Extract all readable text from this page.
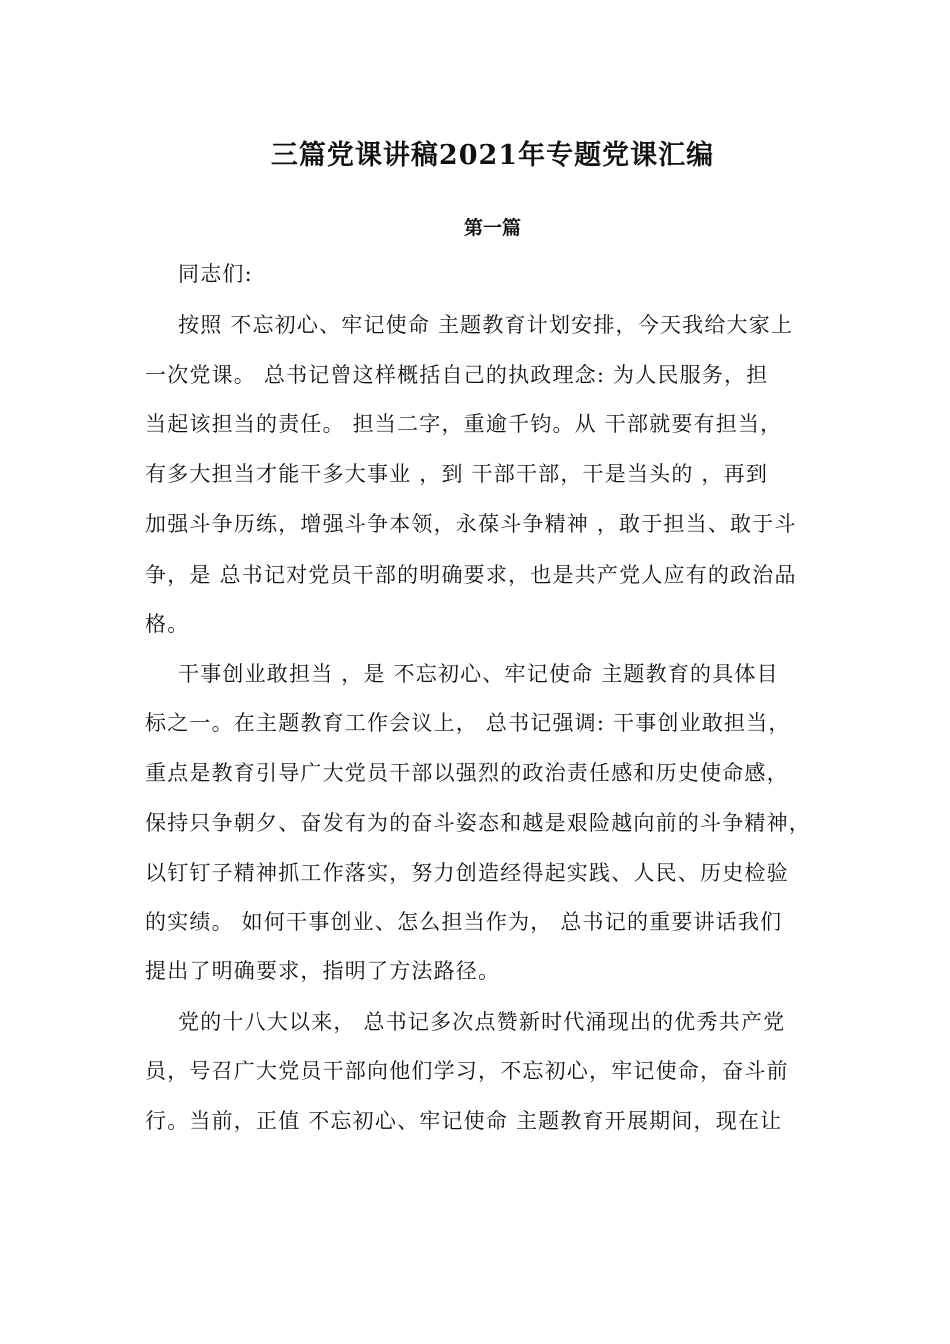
三篇党课讲稿2021年专题党课汇编
第一篇
同志们:
按照 不忘初心、牢记使命 主题教育计划安排，今天我给大家上
一次党课。 总书记曾这样概括自己的执政理念: 为人民服务，担
当起该担当的责任。 担当二字，重逾千钧。从 干部就要有担当，
有多大担当才能干多大事业 ，到 干部干部，干是当头的 ，再到
加强斗争历练，增强斗争本领，永葆斗争精神 ，敢于担当、敢于斗
争，是 总书记对党员干部的明确要求，也是共产党人应有的政治品
格。
干事创业敢担当 ，是 不忘初心、牢记使命 主题教育的具体目
标之一。在主题教育工作会议上， 总书记强调: 干事创业敢担当，
重点是教育引导广大党员干部以强烈的政治责任感和历史使命感，
保持只争朝夕、奋发有为的奋斗姿态和越是艰险越向前的斗争精神，
以钉钉子精神抓工作落实，努力创造经得起实践、人民、历史检验
的实绩。 如何干事创业、怎么担当作为， 总书记的重要讲话我们
提出了明确要求，指明了方法路径。
党的十八大以来， 总书记多次点赞新时代涌现出的优秀共产党
员，号召广大党员干部向他们学习，不忘初心，牢记使命，奋斗前
行。当前，正值 不忘初心、牢记使命 主题教育开展期间，现在让
